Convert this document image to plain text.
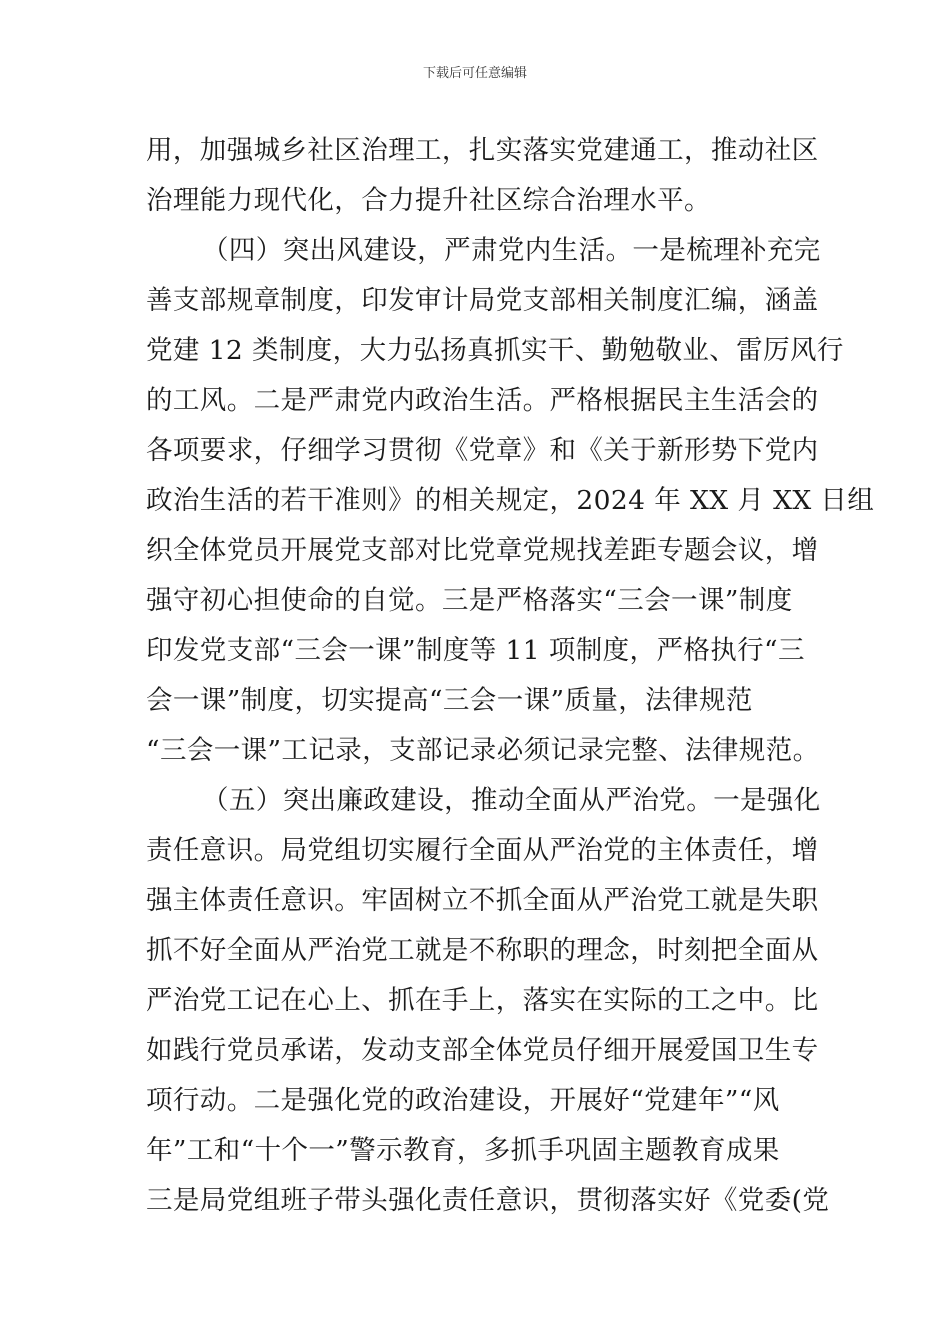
下载后可任意编辑
用，加强城乡社区治理工，扎实落实党建通工，推动社区
治理能力现代化，合力提升社区综合治理水平。
（四）突出风建设，严肃党内生活。一是梳理补充完
善支部规章制度，印发审计局党支部相关制度汇编，涵盖
党建 12 类制度，大力弘扬真抓实干、勤勉敬业、雷厉风行
的工风。二是严肃党内政治生活。严格根据民主生活会的
各项要求，仔细学习贯彻《党章》和《关于新形势下党内
政治生活的若干准则》的相关规定，2024 年 XX 月 XX 日组
织全体党员开展党支部对比党章党规找差距专题会议，增
强守初心担使命的自觉。三是严格落实“三会一课”制度
印发党支部“三会一课”制度等 11 项制度，严格执行“三
会一课”制度，切实提高“三会一课”质量，法律规范
“三会一课”工记录，支部记录必须记录完整、法律规范。
（五）突出廉政建设，推动全面从严治党。一是强化
责任意识。局党组切实履行全面从严治党的主体责任，增
强主体责任意识。牢固树立不抓全面从严治党工就是失职
抓不好全面从严治党工就是不称职的理念，时刻把全面从
严治党工记在心上、抓在手上，落实在实际的工之中。比
如践行党员承诺，发动支部全体党员仔细开展爱国卫生专
项行动。二是强化党的政治建设，开展好“党建年”“风
年”工和“十个一”警示教育，多抓手巩固主题教育成果
三是局党组班子带头强化责任意识，贯彻落实好《党委(党
